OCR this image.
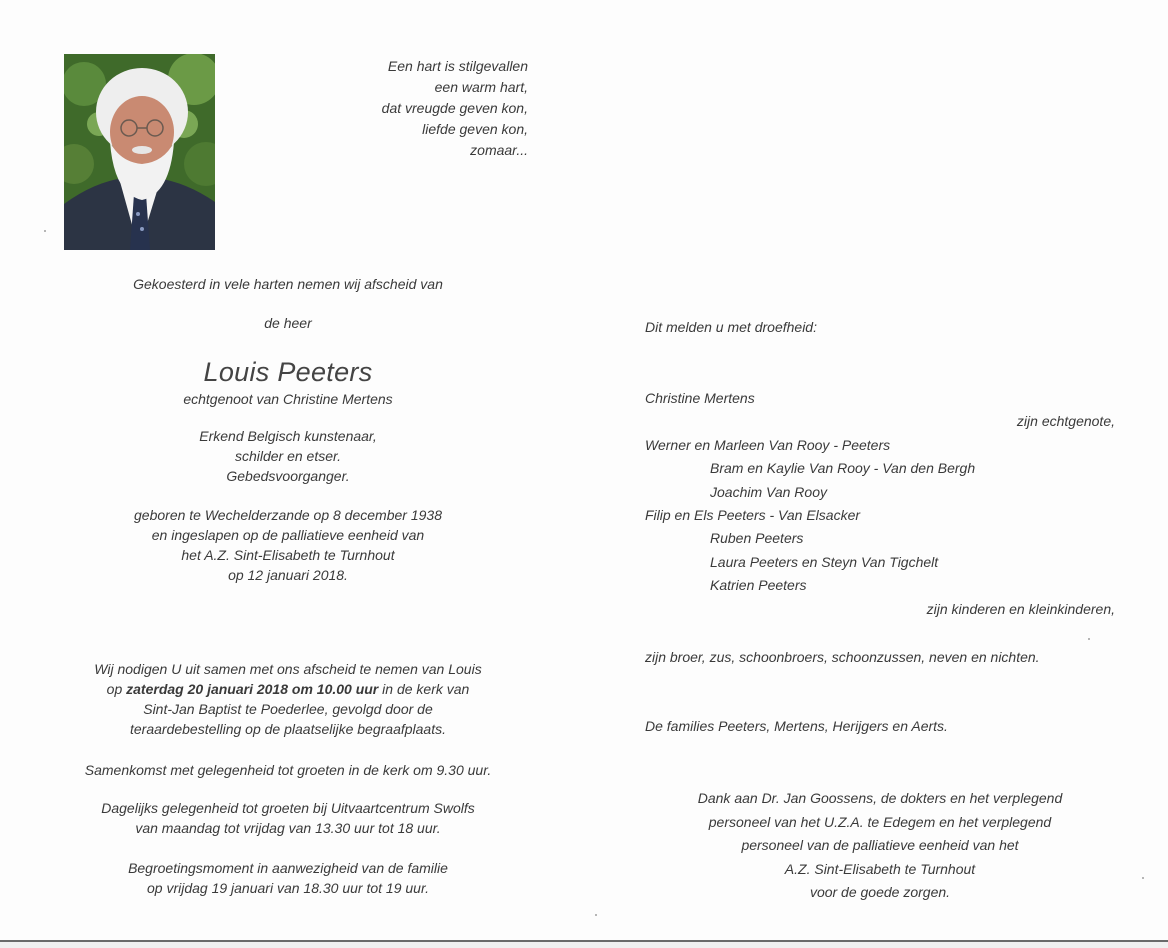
Een hart is stilgevallen
een warm hart,
dat vreugde geven kon,
liefde geven kon,
zomaar...
Gekoesterd in vele harten nemen wij afscheid van
de heer
Louis Peeters
echtgenoot van Christine Mertens
Erkend Belgisch kunstenaar,
schilder en etser.
Gebedsvoorganger.
geboren te Wechelderzande op 8 december 1938
en ingeslapen op de palliatieve eenheid van
het A.Z. Sint-Elisabeth te Turnhout
op 12 januari 2018.
Wij nodigen U uit samen met ons afscheid te nemen van Louis
op zaterdag 20 januari 2018 om 10.00 uur in de kerk van
Sint-Jan Baptist te Poederlee, gevolgd door de
teraardebestelling op de plaatselijke begraafplaats.
Samenkomst met gelegenheid tot groeten in de kerk om 9.30 uur.
Dagelijks gelegenheid tot groeten bij Uitvaartcentrum Swolfs
van maandag tot vrijdag van 13.30 uur tot 18 uur.
Begroetingsmoment in aanwezigheid van de familie
op vrijdag 19 januari van 18.30 uur tot 19 uur.
Dit melden u met droefheid:
Christine Mertens
zijn echtgenote,
Werner en Marleen Van Rooy - Peeters
Bram en Kaylie Van Rooy - Van den Bergh
Joachim Van Rooy
Filip en Els Peeters - Van Elsacker
Ruben Peeters
Laura Peeters en Steyn Van Tigchelt
Katrien Peeters
zijn kinderen en kleinkinderen,
zijn broer, zus, schoonbroers, schoonzussen, neven en nichten.
De families Peeters, Mertens, Herijgers en Aerts.
Dank aan Dr. Jan Goossens, de dokters en het verplegend
personeel van het U.Z.A. te Edegem en het verplegend
personeel van de palliatieve eenheid van het
A.Z. Sint-Elisabeth te Turnhout
voor de goede zorgen.
